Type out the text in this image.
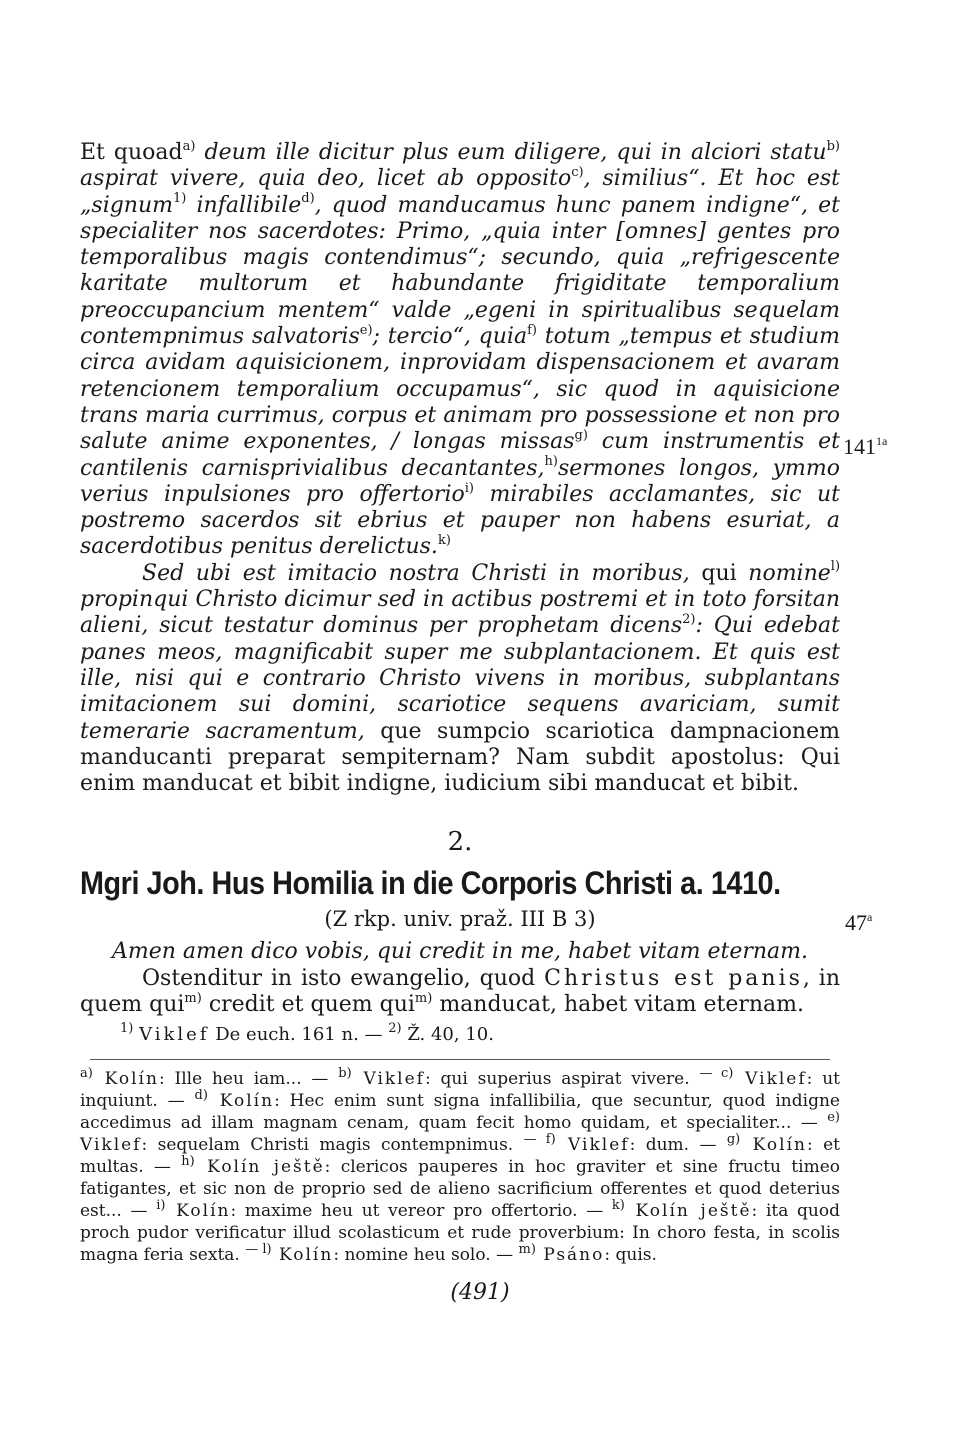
Et quoad$^{a)}$ deum ille dicitur plus eum diligere, qui in alciori statu$^{b)}$ aspirat vivere, quia deo, licet ab opposito$^{c)}$, similius“. Et hoc est „signum$^{1)}$ infallibile$^{d)}$, quod manducamus hunc panem indigne“, et specialiter nos sacerdotes: Primo, „quia inter [omnes] gentes pro temporalibus magis contendimus“; secundo, quia „refrigescente karitate multorum et habundante frigiditate temporalium preoccupancium mentem“ valde „egeni in spiritualibus sequelam contempnimus salvatoris$^{e)}$; tercio“, quia$^{f)}$ totum „tempus et studium circa avidam aquisicionem, inprovidam dispensacionem et avaram retencionem temporalium occupamus“, sic quod in aquisicione trans maria currimus, corpus et animam pro possessione et non pro salute anime exponentes, / longas missas$^{g)}$ cum instrumentis et cantilenis carnisprivialibus decantantes,$^{h)}$sermones longos, ymmo verius inpulsiones pro offertorio$^{i)}$ mirabiles acclamantes, sic ut postremo sacerdos sit ebrius et pauper non habens esuriat, a sacerdotibus penitus derelictus.$^{k)}$

Sed ubi est imitacio nostra Christi in moribus, qui nomine$^{l)}$ propinqui Christo dicimur sed in actibus postremi et in toto forsitan alieni, sicut testatur dominus per prophetam dicens$^{2)}$: Qui edebat panes meos, magnificabit super me subplantacionem. Et quis est ille, nisi qui e contrario Christo vivens in moribus, subplantans imitacionem sui domini, scariotice sequens avariciam, sumit temerarie sacramentum, que sumpcio scariotica dampnacionem manducanti preparat sempiternam? Nam subdit apostolus: Qui enim manducat et bibit indigne, iudicium sibi manducat et bibit.

2.
Mgri Joh. Hus Homilia in die Corporis Christi a. 1410.
(Z rkp. univ. praž. III B 3)

Amen amen dico vobis, qui credit in me, habet vitam eternam.

Ostenditur in isto ewangelio, quod Christus est panis, in quem qui$^{m)}$ credit et quem qui$^{m)}$ manducat, habet vitam eternam.

$^{1)}$ Viklef De euch. 161 n. — $^{2)}$ Ž. 40, 10.

$^{a)}$ Kolín: Ille heu iam... — $^{b)}$ Viklef: qui superius aspirat vivere. $^{— c)}$ Viklef: ut inquiunt. — $^{d)}$ Kolín: Hec enim sunt signa infallibilia, que secuntur, quod indigne accedimus ad illam magnam cenam, quam fecit homo quidam, et specialiter... — $^{e)}$ Viklef: sequelam Christi magis contempnimus. $^{— f)}$ Viklef: dum. — $^{g)}$ Kolín: et multas. — $^{h)}$ Kolín ještě: clericos pauperes in hoc graviter et sine fructu timeo fatigantes, et sic non de proprio sed de alieno sacrificium offerentes et quod deterius est... — $^{i)}$ Kolín: maxime heu ut vereor pro offertorio. — $^{k)}$ Kolín ještě: ita quod proch pudor verificatur illud scolasticum et rude proverbium: In choro festa, in scolis magna feria sexta. $^{— l)}$ Kolín: nomine heu solo. — $^{m)}$ Psáno: quis.

$141^{1a}$
47$^a$
(491)
